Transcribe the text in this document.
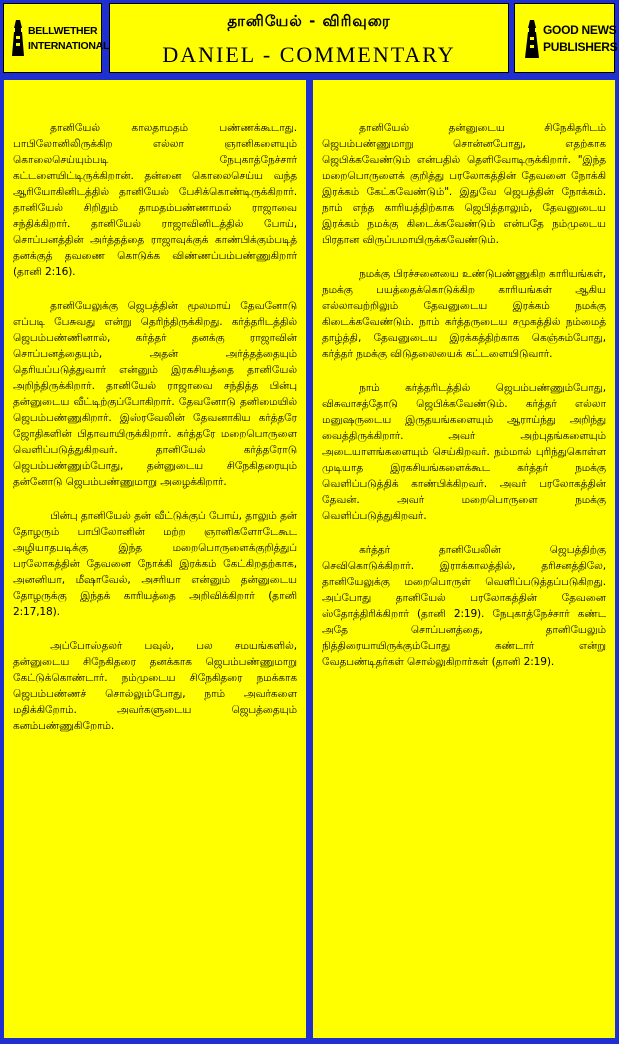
BELLWETHER
INTERNATIONAL
தானியேல் - விரிவுரை
DANIEL - COMMENTARY
GOOD NEWS
PUBLISHERS

தானியேல் காலதாமதம் பண்ணக்கூடாது. பாபிலோனிலிருக்கிற எல்லா ஞானிகளையும் கொலைசெய்யும்படி நேபுகாத்நேச்சார் கட்டளையிட்டிருக்கிறான். தன்னை கொலைசெய்ய வந்த ஆரியோகினிடத்தில் தானியேல் பேசிக்கொண்டிருக்கிறார். தானியேல் சிறிதும் தாமதம்பண்ணாமல் ராஜாவை சந்திக்கிறார். தானியேல் ராஜாவினிடத்தில் போய், சொப்பனத்தின் அர்த்தத்தை ராஜாவுக்குக் காண்பிக்கும்படித் தனக்குத் தவணை கொடுக்க விண்ணப்பம்பண்ணுகிறார் (தானி 2:16).

தானியேலுக்கு ஜெபத்தின் மூலமாய் தேவனோடு எப்படி பேசுவது என்று தெரிந்திருக்கிறது. கர்த்தரிடத்தில் ஜெபம்பண்ணினால், கர்த்தர் தனக்கு ராஜாவின் சொப்பனத்தையும், அதன் அர்த்தத்தையும் தெரியப்படுத்துவார் என்னும் இரகசியத்தை தானியேல் அறிந்திருக்கிறார். தானியேல் ராஜாவை சந்தித்த பின்பு தன்னுடைய வீட்டிற்குப்போகிறார். தேவனோடு தனிமையில் ஜெபம்பண்ணுகிறார். இஸ்ரவேலின் தேவனாகிய கர்த்தரே ஜோதிகளின் பிதாவாயிருக்கிறார். கர்த்தரே மறைபொருளை வெளிப்படுத்துகிறவர். தானியேல் கர்த்தரோடு ஜெபம்பண்ணும்போது, தன்னுடைய சிநேகிதரையும் தன்னோடு ஜெபம்பண்ணுமாறு அழைக்கிறார்.

பின்பு தானியேல் தன் வீட்டுக்குப் போய், தாலும் தன் தோழரும் பாபிலோனின் மற்ற ஞானிகளோடேகூட அழியாதபடிக்கு இந்த மறைபொருளைக்குறித்துப் பரலோகத்தின் தேவனை நோக்கி இரக்கம் கேட்கிறதற்காக, அனனியா, மீஷாவேல், அசரியா என்னும் தன்னுடைய தோழருக்கு இந்தக் காரியத்தை அறிவிக்கிறார் (தானி 2:17,18).

அப்போஸ்தலர் பவுல், பல சமயங்களில், தன்னுடைய சிநேகிதரை தனக்காக ஜெபம்பண்ணுமாறு கேட்டுக்கொண்டார். நம்முடைய சிநேகிதரை நமக்காக ஜெபம்பண்ணச் சொல்லும்போது, நாம் அவர்களை மதிக்கிறோம். அவர்களுடைய ஜெபத்தையும் கனம்பண்ணுகிறோம்.

தானியேல் தன்னுடைய சிநேகிதரிடம் ஜெபம்பண்ணுமாறு சொன்னபோது, எதற்காக ஜெபிக்கவேண்டும் என்பதில் தெளிவோடிருக்கிறார். "இந்த மறைபொருளைக் குறித்து பரலோகத்தின் தேவனை நோக்கி இரக்கம் கேட்கவேண்டும்". இதுவே ஜெபத்தின் நோக்கம். நாம் எந்த காரியத்திற்காக ஜெபித்தாலும், தேவனுடைய இரக்கம் நமக்கு கிடைக்கவேண்டும் என்பதே நம்முடைய பிரதான விருப்பமாயிருக்கவேண்டும்.

நமக்கு பிரச்சனையை உண்டுபண்ணுகிற காரியங்கள், நமக்கு பயத்தைக்கொடுக்கிற காரியங்கள் ஆகிய எல்லாவற்றிலும் தேவனுடைய இரக்கம் நமக்கு கிடைக்கவேண்டும். நாம் கர்த்தருடைய சமுகத்தில் நம்மைத் தாழ்த்தி, தேவனுடைய இரக்கத்திற்காக கெஞ்சும்போது, கர்த்தர் நமக்கு விடுதலையைக் கட்டளையிடுவார்.

நாம் கர்த்தரிடத்தில் ஜெபம்பண்ணும்போது, விசுவாசத்தோடு ஜெபிக்கவேண்டும். கர்த்தர் எல்லா மனுஷருடைய இருதயங்களையும் ஆராய்ந்து அறிந்து வைத்திருக்கிறார். அவர் அற்புதங்களையும் அடையாளங்களையும் செய்கிறவர். நம்மால் புரிந்துகொள்ள முடியாத இரகசியங்களைக்கூட கர்த்தர் நமக்கு வெளிப்படுத்திக் காண்பிக்கிறவர். அவர் பரலோகத்தின் தேவன். அவர் மறைபொருளை நமக்கு வெளிப்படுத்துகிறவர்.

கர்த்தர் தானியேலின் ஜெபத்திற்கு செவிகொடுக்கிறார். இராக்காலத்தில், தரிசனத்திலே, தானியேலுக்கு மறைபொருள் வெளிப்படுத்தப்படுகிறது. அப்போது தானியேல் பரலோகத்தின் தேவனை ஸ்தோத்திரிக்கிறார் (தானி 2:19). நேபுகாத்நேச்சார் கண்ட அதே சொப்பனத்தை, தானியேலும் நித்திரையாயிருக்கும்போது கண்டார் என்று வேதபண்டிதர்கள் சொல்லுகிறார்கள் (தானி 2:19).
